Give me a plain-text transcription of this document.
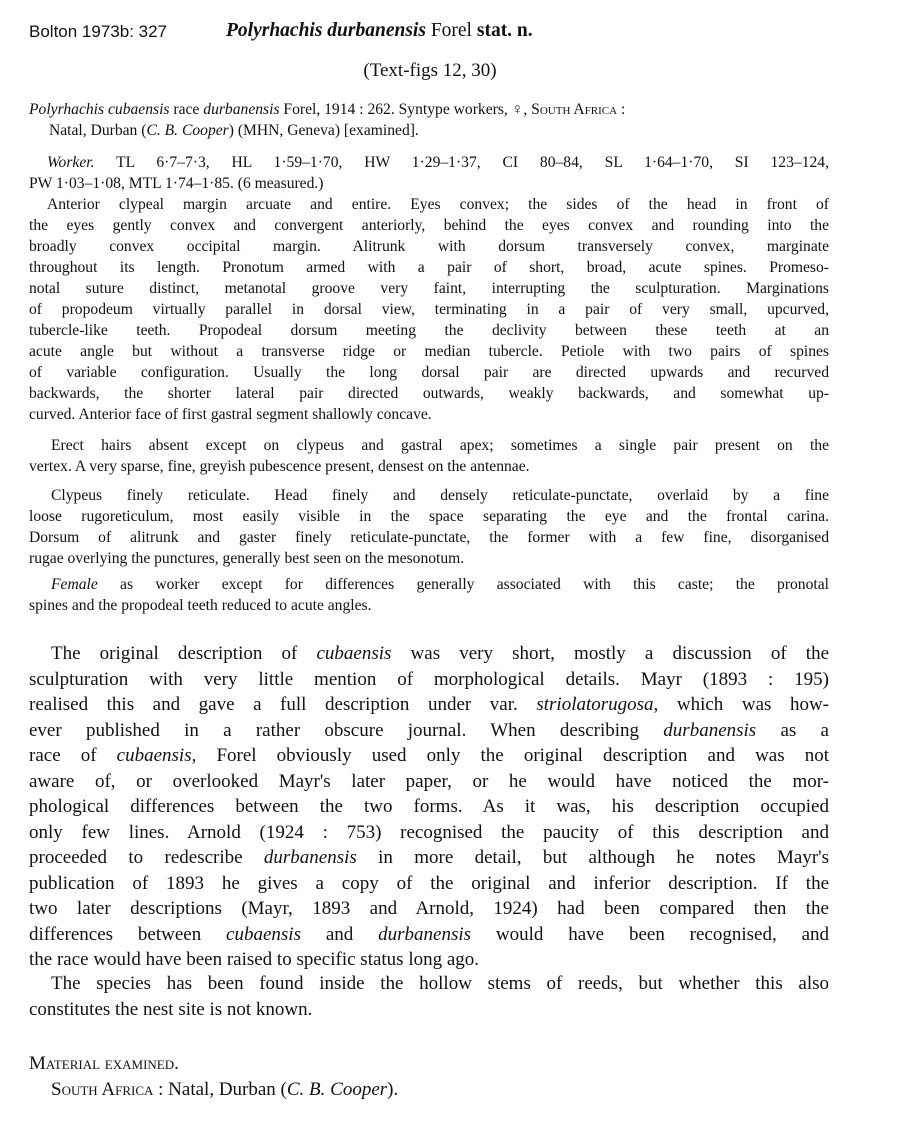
Bolton 1973b: 327	Polyrhachis durbanensis Forel stat. n.
(Text-figs 12, 30)
Polyrhachis cubaensis race durbanensis Forel, 1914 : 262. Syntype workers, ♀, South Africa :
Natal, Durban (C. B. Cooper) (MHN, Geneva) [examined].
Worker. TL 6·7–7·3, HL 1·59–1·70, HW 1·29–1·37, CI 80–84, SL 1·64–1·70, SI 123–124,
PW 1·03–1·08, MTL 1·74–1·85. (6 measured.)
Anterior clypeal margin arcuate and entire. Eyes convex; the sides of the head in front of
the eyes gently convex and convergent anteriorly, behind the eyes convex and rounding into the
broadly convex occipital margin. Alitrunk with dorsum transversely convex, marginate
throughout its length. Pronotum armed with a pair of short, broad, acute spines. Promeso-
notal suture distinct, metanotal groove very faint, interrupting the sculpturation. Marginations
of propodeum virtually parallel in dorsal view, terminating in a pair of very small, upcurved,
tubercle-like teeth. Propodeal dorsum meeting the declivity between these teeth at an
acute angle but without a transverse ridge or median tubercle. Petiole with two pairs of spines
of variable configuration. Usually the long dorsal pair are directed upwards and recurved
backwards, the shorter lateral pair directed outwards, weakly backwards, and somewhat up-
curved. Anterior face of first gastral segment shallowly concave.
Erect hairs absent except on clypeus and gastral apex; sometimes a single pair present on the
vertex. A very sparse, fine, greyish pubescence present, densest on the antennae.
Clypeus finely reticulate. Head finely and densely reticulate-punctate, overlaid by a fine
loose rugoreticulum, most easily visible in the space separating the eye and the frontal carina.
Dorsum of alitrunk and gaster finely reticulate-punctate, the former with a few fine, disorganised
rugae overlying the punctures, generally best seen on the mesonotum.
Female as worker except for differences generally associated with this caste; the pronotal
spines and the propodeal teeth reduced to acute angles.
The original description of cubaensis was very short, mostly a discussion of the
sculpturation with very little mention of morphological details. Mayr (1893 : 195)
realised this and gave a full description under var. striolatorugosa, which was how-
ever published in a rather obscure journal. When describing durbanensis as a
race of cubaensis, Forel obviously used only the original description and was not
aware of, or overlooked Mayr's later paper, or he would have noticed the mor-
phological differences between the two forms. As it was, his description occupied
only few lines. Arnold (1924 : 753) recognised the paucity of this description and
proceeded to redescribe durbanensis in more detail, but although he notes Mayr's
publication of 1893 he gives a copy of the original and inferior description. If the
two later descriptions (Mayr, 1893 and Arnold, 1924) had been compared then the
differences between cubaensis and durbanensis would have been recognised, and
the race would have been raised to specific status long ago.
The species has been found inside the hollow stems of reeds, but whether this also
constitutes the nest site is not known.
Material examined.
South Africa : Natal, Durban (C. B. Cooper).
